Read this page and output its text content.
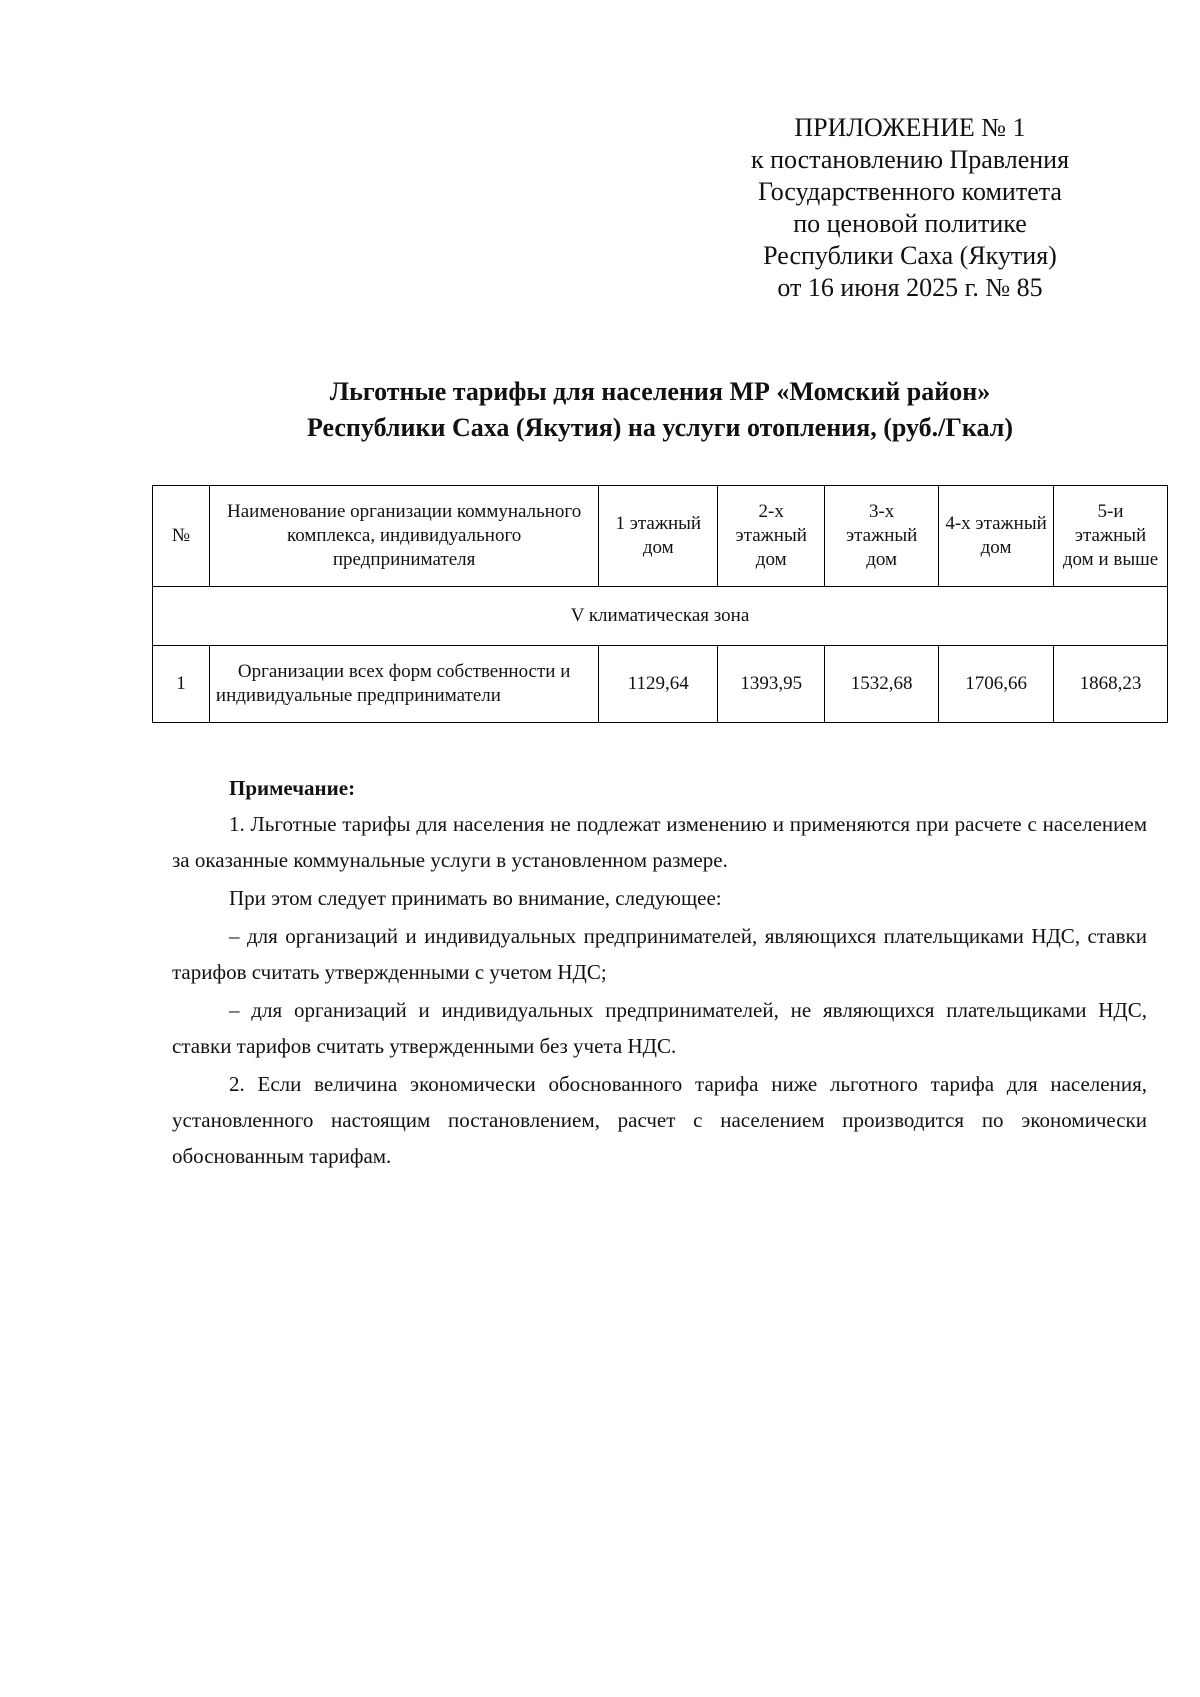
ПРИЛОЖЕНИЕ № 1
к постановлению Правления
Государственного комитета
по ценовой политике
Республики Саха (Якутия)
от 16 июня 2025 г. № 85
Льготные тарифы для населения МР «Момский район»
Республики Саха (Якутия) на услуги отопления, (руб./Гкал)
№	Наименование организации коммунального комплекса, индивидуального предпринимателя	1 этажный дом	2-х этажный дом	3-х этажный дом	4-х этажный дом	5-и этажный дом и выше
V климатическая зона						
1	Организации всех форм собственности и индивидуальные предприниматели	1129,64	1393,95	1532,68	1706,66	1868,23
Примечание:

1. Льготные тарифы для населения не подлежат изменению и применяются при расчете с населением за оказанные коммунальные услуги в установленном размере.

При этом следует принимать во внимание, следующее:

– для организаций и индивидуальных предпринимателей, являющихся плательщиками НДС, ставки тарифов считать утвержденными с учетом НДС;

– для организаций и индивидуальных предпринимателей, не являющихся плательщиками НДС, ставки тарифов считать утвержденными без учета НДС.

2. Если величина экономически обоснованного тарифа ниже льготного тарифа для населения, установленного настоящим постановлением, расчет с населением производится по экономически обоснованным тарифам.
